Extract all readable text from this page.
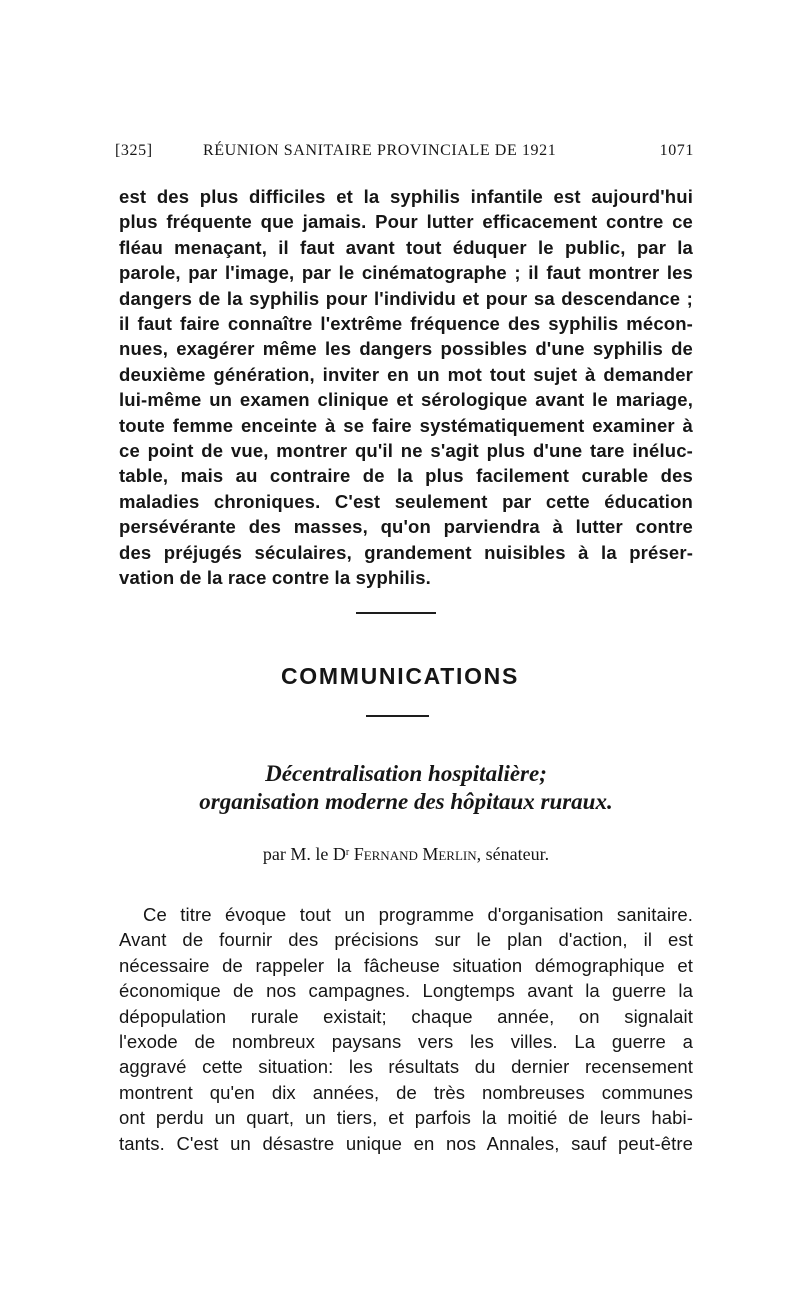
[325]	RÉUNION SANITAIRE PROVINCIALE DE 1921	1071
est des plus difficiles et la syphilis infantile est aujourd'hui
plus fréquente que jamais. Pour lutter efficacement contre ce
fléau menaçant, il faut avant tout éduquer le public, par la
parole, par l'image, par le cinématographe ; il faut montrer les
dangers de la syphilis pour l'individu et pour sa descendance ;
il faut faire connaître l'extrême fréquence des syphilis mécon-
nues, exagérer même les dangers possibles d'une syphilis de
deuxième génération, inviter en un mot tout sujet à demander
lui-même un examen clinique et sérologique avant le mariage,
toute femme enceinte à se faire systématiquement examiner à
ce point de vue, montrer qu'il ne s'agit plus d'une tare inéluc-
table, mais au contraire de la plus facilement curable des
maladies chroniques. C'est seulement par cette éducation
persévérante des masses, qu'on parviendra à lutter contre
des préjugés séculaires, grandement nuisibles à la préser-
vation de la race contre la syphilis.
COMMUNICATIONS
Décentralisation hospitalière;
organisation moderne des hôpitaux ruraux.
par M. le $D^r$ Fernand Merlin, sénateur.
Ce titre évoque tout un programme d'organisation sanitaire.
Avant de fournir des précisions sur le plan d'action, il est
nécessaire de rappeler la fâcheuse situation démographique et
économique de nos campagnes. Longtemps avant la guerre la
dépopulation rurale existait; chaque année, on signalait
l'exode de nombreux paysans vers les villes. La guerre a
aggravé cette situation: les résultats du dernier recensement
montrent qu'en dix années, de très nombreuses communes
ont perdu un quart, un tiers, et parfois la moitié de leurs habi-
tants. C'est un désastre unique en nos Annales, sauf peut-être
